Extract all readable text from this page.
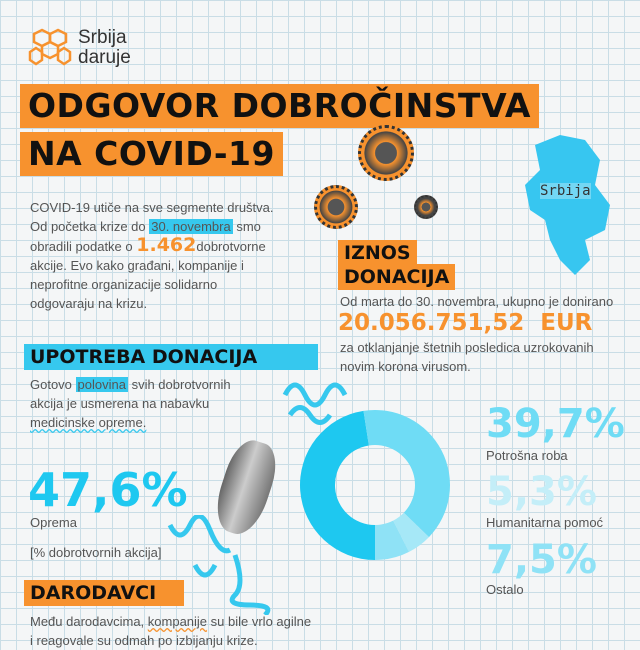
Srbija
daruje
ODGOVOR DOBROČINSTVA
NA COVID-19
Srbija
COVID-19 utiče na sve segmente društva.
Od početka krize do 30. novembra smo
obradili podatke o 1.462dobrotvorne
akcije. Evo kako građani, kompanije i
neprofitne organizacije solidarno
odgovaraju na krizu.
IZNOS
DONACIJA
Od marta do 30. novembra, ukupno je donirano
20.056.751,52  EUR
za otklanjanje štetnih posledica uzrokovanih
novim korona virusom.
UPOTREBA DONACIJA
Gotovo polovina svih dobrotvornih
akcija je usmerena na nabavku
medicinske opreme.
47,6%
Oprema
[% dobrotvornih akcija]
39,7%
Potrošna roba
5,3%
Humanitarna pomoć
7,5%
Ostalo
DARODAVCI
Među darodavcima, kompanije su bile vrlo agilne
i reagovale su odmah po izbijanju krize.
